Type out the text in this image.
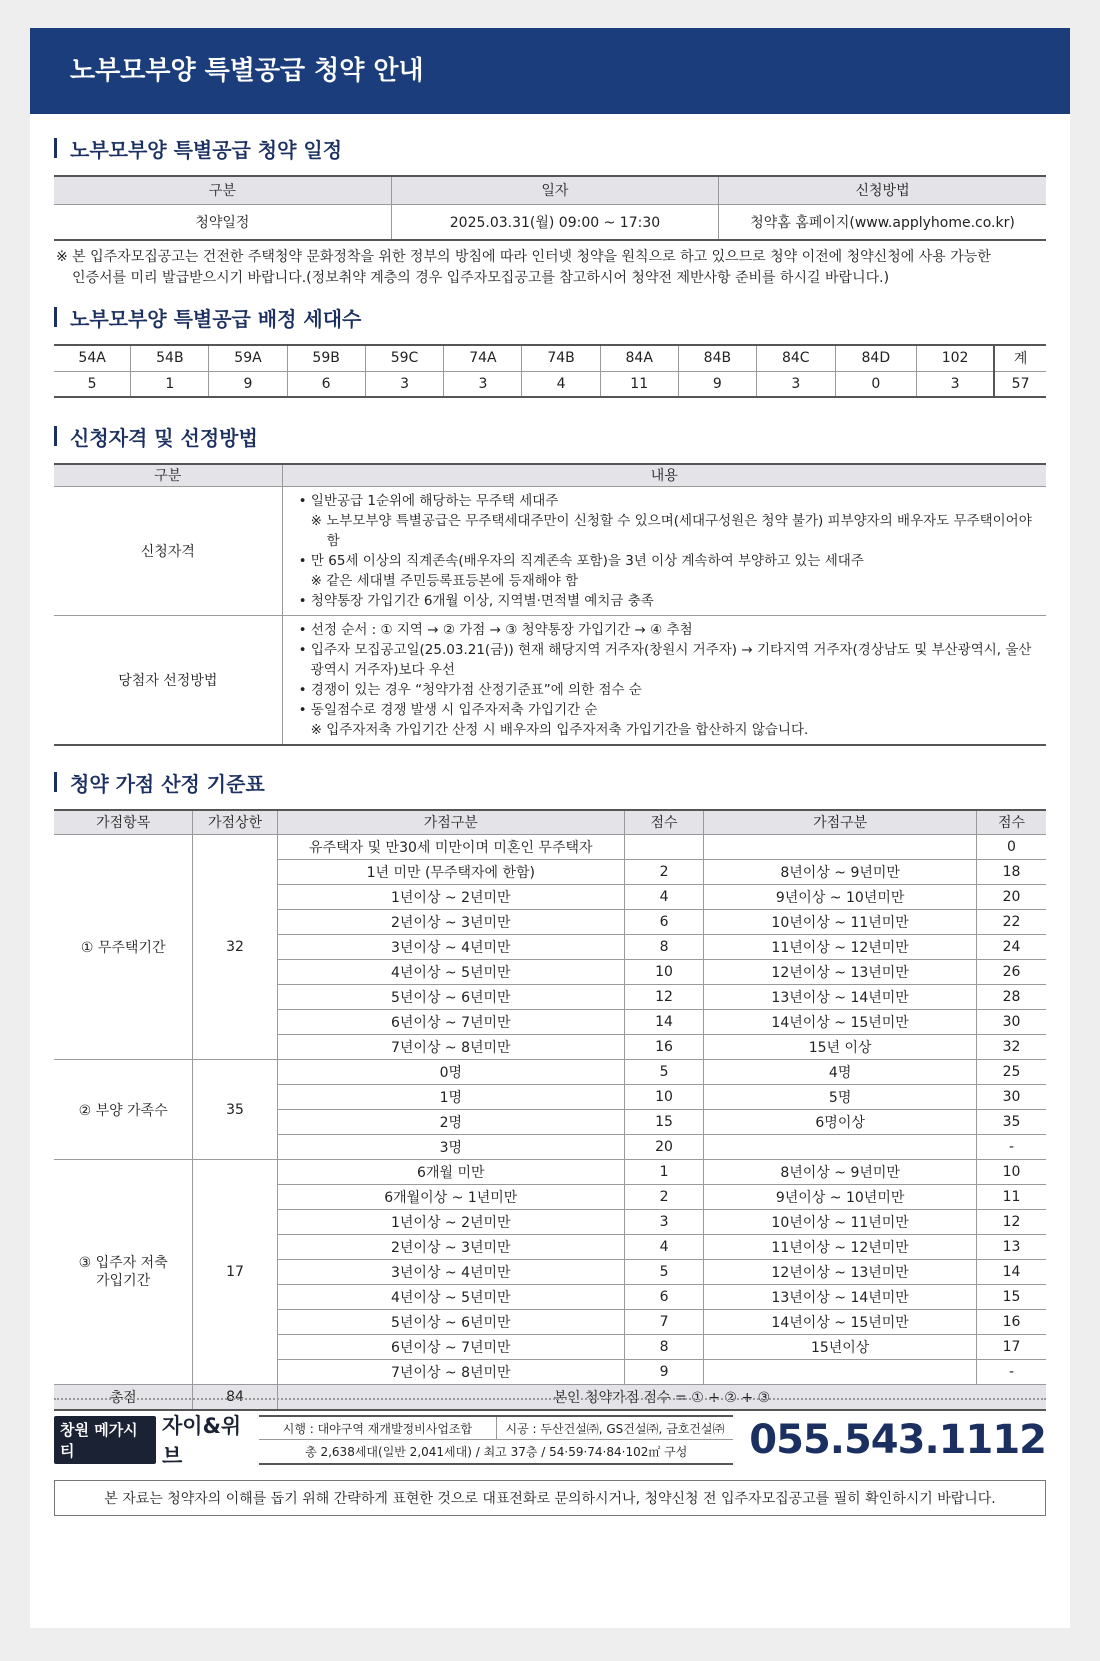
노부모부양 특별공급 청약 안내
노부모부양 특별공급 청약 일정
구분	일자	신청방법
청약일정	2025.03.31(월) 09:00 ~ 17:30	청약홈 홈페이지(www.applyhome.co.kr)
※ 본 입주자모집공고는 건전한 주택청약 문화정착을 위한 정부의 방침에 따라 인터넷 청약을 원칙으로 하고 있으므로 청약 이전에 청약신청에 사용 가능한
인증서를 미리 발급받으시기 바랍니다.(정보취약 계층의 경우 입주자모집공고를 참고하시어 청약전 제반사항 준비를 하시길 바랍니다.)
노부모부양 특별공급 배정 세대수
54A	54B	59A	59B	59C	74A	74B	84A	84B	84C	84D	102	계
5	1	9	6	3	3	4	11	9	3	0	3	57
신청자격 및 선정방법
구분	내용
신청자격	• 일반공급 1순위에 해당하는 무주택 세대주
※ 노부모부양 특별공급은 무주택세대주만이 신청할 수 있으며(세대구성원은 청약 불가) 피부양자의 배우자도 무주택이어야 함
• 만 65세 이상의 직계존속(배우자의 직계존속 포함)을 3년 이상 계속하여 부양하고 있는 세대주
※ 같은 세대별 주민등록표등본에 등재해야 함
• 청약통장 가입기간 6개월 이상, 지역별·면적별 예치금 충족

당첨자 선정방법	• 선정 순서 : ① 지역 → ② 가점 → ③ 청약통장 가입기간 → ④ 추첨
• 입주자 모집공고일(25.03.21(금)) 현재 해당지역 거주자(창원시 거주자) → 기타지역 거주자(경상남도 및 부산광역시, 울산광역시 거주자)보다 우선
• 경쟁이 있는 경우 “청약가점 산정기준표”에 의한 점수 순
• 동일점수로 경쟁 발생 시 입주자저축 가입기간 순
※ 입주자저축 가입기간 산정 시 배우자의 입주자저축 가입기간을 합산하지 않습니다.
청약 가점 산정 기준표
가점항목	가점상한	가점구분	점수	가점구분	점수
① 무주택기간	32	유주택자 및 만30세 미만이며 미혼인 무주택자			0
		1년 미만 (무주택자에 한함)	2	8년이상 ~ 9년미만	18
		1년이상 ~ 2년미만	4	9년이상 ~ 10년미만	20
		2년이상 ~ 3년미만	6	10년이상 ~ 11년미만	22
		3년이상 ~ 4년미만	8	11년이상 ~ 12년미만	24
		4년이상 ~ 5년미만	10	12년이상 ~ 13년미만	26
		5년이상 ~ 6년미만	12	13년이상 ~ 14년미만	28
		6년이상 ~ 7년미만	14	14년이상 ~ 15년미만	30
		7년이상 ~ 8년미만	16	15년 이상	32
② 부양 가족수	35	0명	5	4명	25
		1명	10	5명	30
		2명	15	6명이상	35
		3명	20		-
③ 입주자 저축가입기간	17	6개월 미만	1	8년이상 ~ 9년미만	10
		6개월이상 ~ 1년미만	2	9년이상 ~ 10년미만	11
		1년이상 ~ 2년미만	3	10년이상 ~ 11년미만	12
		2년이상 ~ 3년미만	4	11년이상 ~ 12년미만	13
		3년이상 ~ 4년미만	5	12년이상 ~ 13년미만	14
		4년이상 ~ 5년미만	6	13년이상 ~ 14년미만	15
		5년이상 ~ 6년미만	7	14년이상 ~ 15년미만	16
		6년이상 ~ 7년미만	8	15년이상	17
		7년이상 ~ 8년미만	9		-
총점	84	본인 청약가점 점수 = ① + ② + ③			
창원 메가시티
자이&위브
시행 : 대야구역 재개발정비사업조합	시공 : 두산건설㈜, GS건설㈜, 금호건설㈜
총 2,638세대(일반 2,041세대) / 최고 37층 / 54·59·74·84·102㎡ 구성	055.543.1112
본 자료는 청약자의 이해를 돕기 위해 간략하게 표현한 것으로 대표전화로 문의하시거나, 청약신청 전 입주자모집공고를 필히 확인하시기 바랍니다.
